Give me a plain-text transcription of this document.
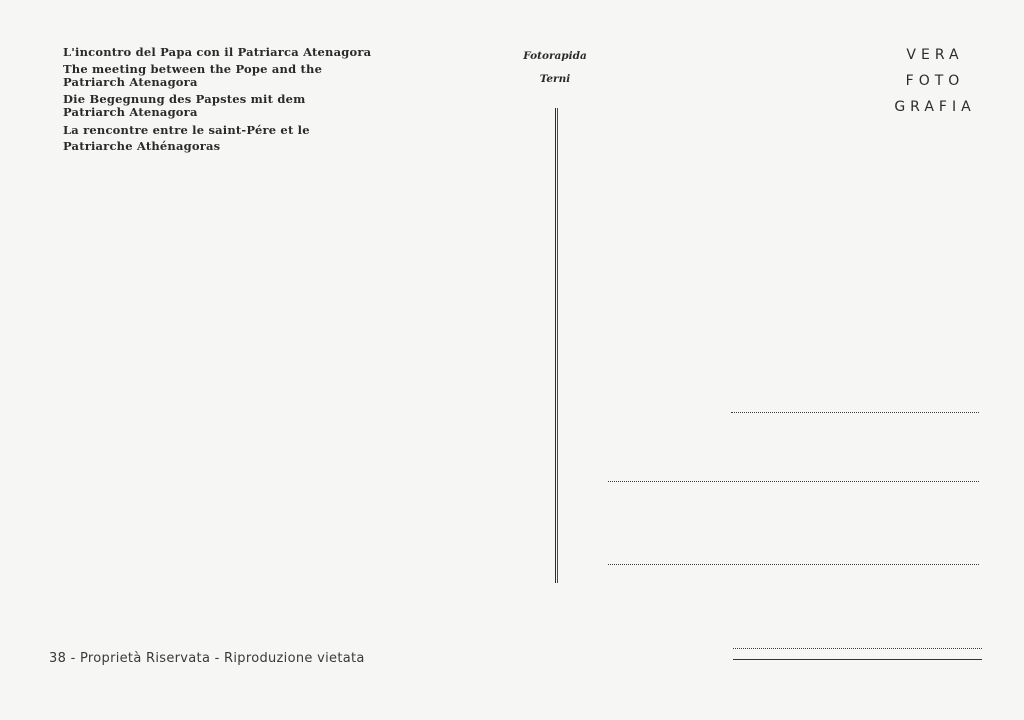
L'incontro del Papa con il Patriarca Atenagora
The meeting between the Pope and the
Patriarch Atenagora
Die Begegnung des Papstes mit dem
Patriarch Atenagora
La rencontre entre le saint-Pére et le
Patriarche Athénagoras
Fotorapida
Terni
VERA
FOTO
GRAFIA
38 - Proprietà Riservata - Riproduzione vietata
